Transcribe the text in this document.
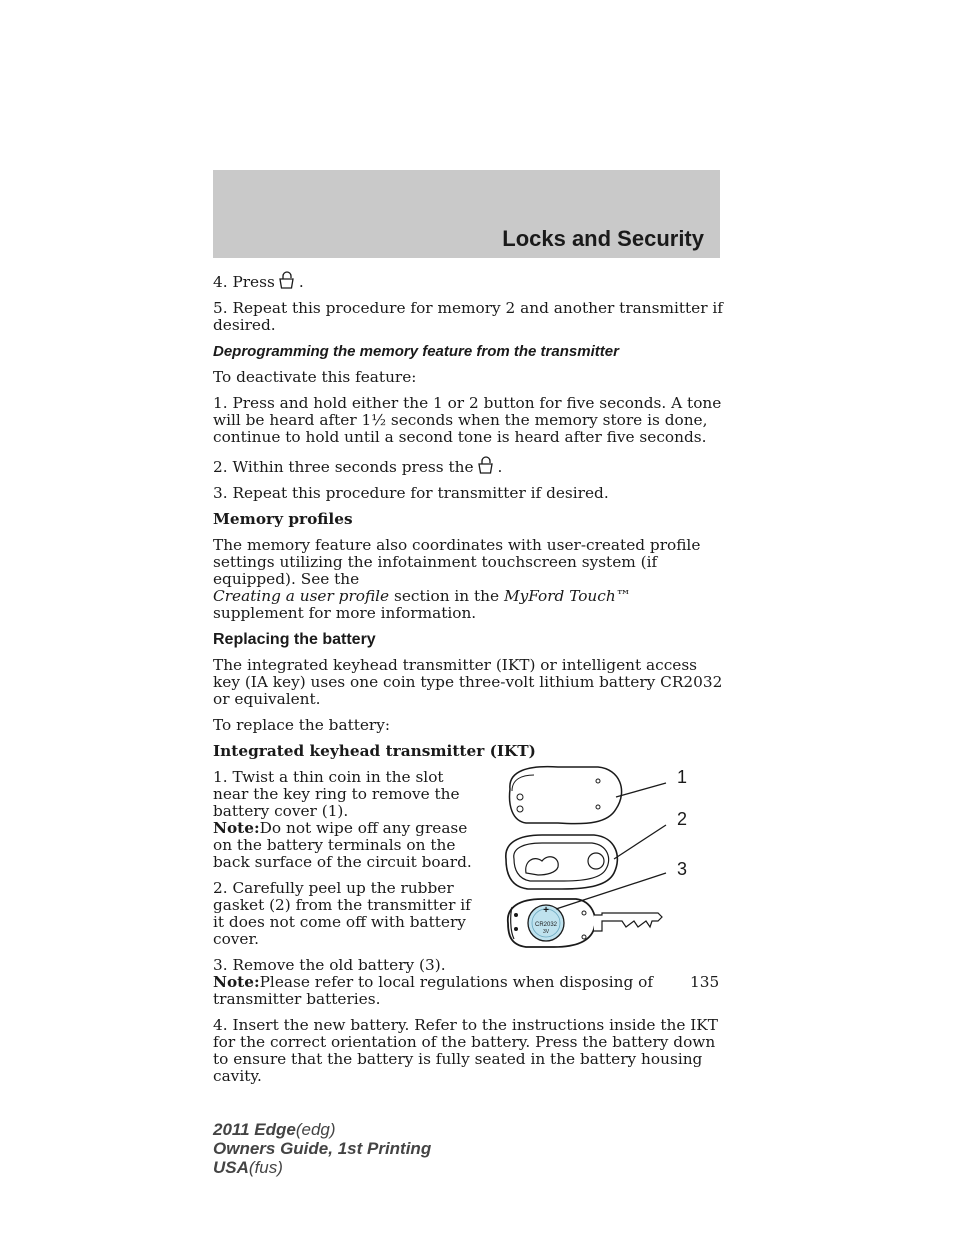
Locks and Security

4. Press .

5. Repeat this procedure for memory 2 and another transmitter if desired.

Deprogramming the memory feature from the transmitter

To deactivate this feature:

1. Press and hold either the 1 or 2 button for five seconds. A tone will be heard after 1½ seconds when the memory store is done, continue to hold until a second tone is heard after five seconds.

2. Within three seconds press the .

3. Repeat this procedure for transmitter if desired.

Memory profiles

The memory feature also coordinates with user-created profile settings utilizing the infotainment touchscreen system (if equipped). See the
Creating a user profile section in the MyFord Touch™ supplement for more information.

Replacing the battery

The integrated keyhead transmitter (IKT) or intelligent access key (IA key) uses one coin type three-volt lithium battery CR2032 or equivalent.

To replace the battery:

Integrated keyhead transmitter (IKT)

1. Twist a thin coin in the slot near the key ring to remove the battery cover (1).

Note:Do not wipe off any grease on the battery terminals on the back surface of the circuit board.

2. Carefully peel up the rubber gasket (2) from the transmitter if it does not come off with battery cover.

+
CR2032
3V
1
2
3

3. Remove the old battery (3).

Note:Please refer to local regulations when disposing of transmitter batteries.

4. Insert the new battery. Refer to the instructions inside the IKT for the correct orientation of the battery. Press the battery down to ensure that the battery is fully seated in the battery housing cavity.

135
2011 Edge(edg)
Owners Guide, 1st Printing
USA(fus)
